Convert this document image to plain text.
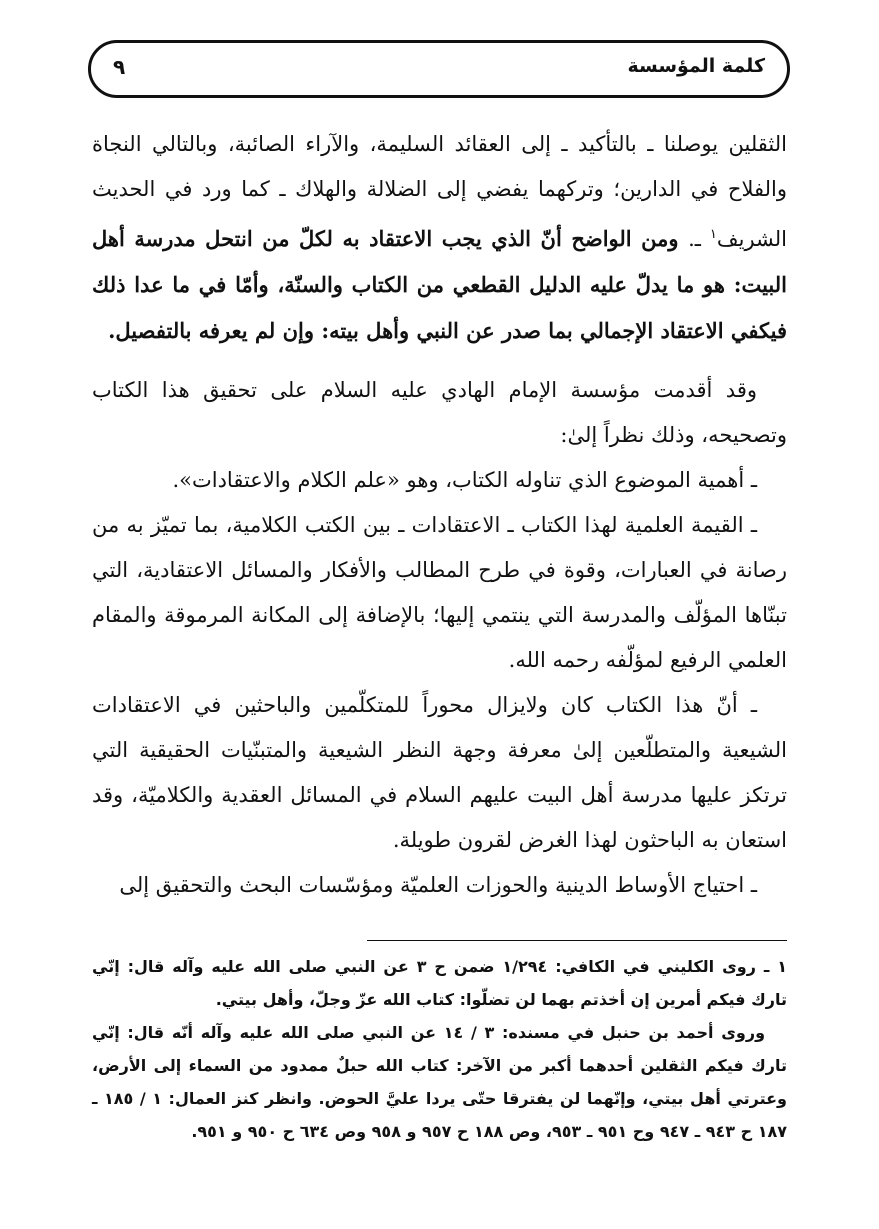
كلمة المؤسسة
٩

الثقلين يوصلنا ـ بالتأكيد ـ إلى العقائد السليمة، والآراء الصائبة، وبالتالي النجاة والفلاح في الدارين؛ وتركهما يفضي إلى الضلالة والهلاك ـ كما ورد في الحديث الشريف$^١$ ـ. ومن الواضح أنّ الذي يجب الاعتقاد به لكلّ من انتحل مدرسة أهل البيت: هو ما يدلّ عليه الدليل القطعي من الكتاب والسنّة، وأمّا في ما عدا ذلك فيكفي الاعتقاد الإجمالي بما صدر عن النبي وأهل بيته: وإن لم يعرفه بالتفصيل.

وقد أقدمت مؤسسة الإمام الهادي عليه السلام على تحقيق هذا الكتاب وتصحيحه، وذلك نظراً إلىٰ:

ـ أهمية الموضوع الذي تناوله الكتاب، وهو «علم الكلام والاعتقادات».

ـ القيمة العلمية لهذا الكتاب ـ الاعتقادات ـ بين الكتب الكلامية، بما تميّز به من رصانة في العبارات، وقوة في طرح المطالب والأفكار والمسائل الاعتقادية، التي تبنّاها المؤلّف والمدرسة التي ينتمي إليها؛ بالإضافة إلى المكانة المرموقة والمقام العلمي الرفيع لمؤلّفه رحمه الله.

ـ أنّ هذا الكتاب كان ولايزال محوراً للمتكلّمين والباحثين في الاعتقادات الشيعية والمتطلّعين إلىٰ معرفة وجهة النظر الشيعية والمتبنّيات الحقيقية التي ترتكز عليها مدرسة أهل البيت عليهم السلام في المسائل العقدية والكلاميّة، وقد استعان به الباحثون لهذا الغرض لقرون طويلة.

ـ احتياج الأوساط الدينية والحوزات العلميّة ومؤسّسات البحث والتحقيق إلى

١ ـ روى الكليني في الكافي: ١/٢٩٤ ضمن ح ٣ عن النبي صلى الله عليه وآله قال: إنّي تارك فيكم أمرين إن أخذتم بهما لن تضلّوا: كتاب الله عزّ وجلّ، وأهل بيتي.

وروى أحمد بن حنبل في مسنده: ٣ / ١٤ عن النبي صلى الله عليه وآله أنّه قال: إنّي تارك فيكم الثقلين أحدهما أكبر من الآخر: كتاب الله حبلٌ ممدود من السماء إلى الأرض، وعترتي أهل بيتي، وإنّهما لن يفترقا حتّى يردا عليَّ الحوض. وانظر كنز العمال: ١ / ١٨٥ ـ ١٨٧ ح ٩٤٣ ـ ٩٤٧ وح ٩٥١ ـ ٩٥٣، وص ١٨٨ ح ٩٥٧ و ٩٥٨ وص ٦٣٤ ح ٩٥٠ و ٩٥١.
